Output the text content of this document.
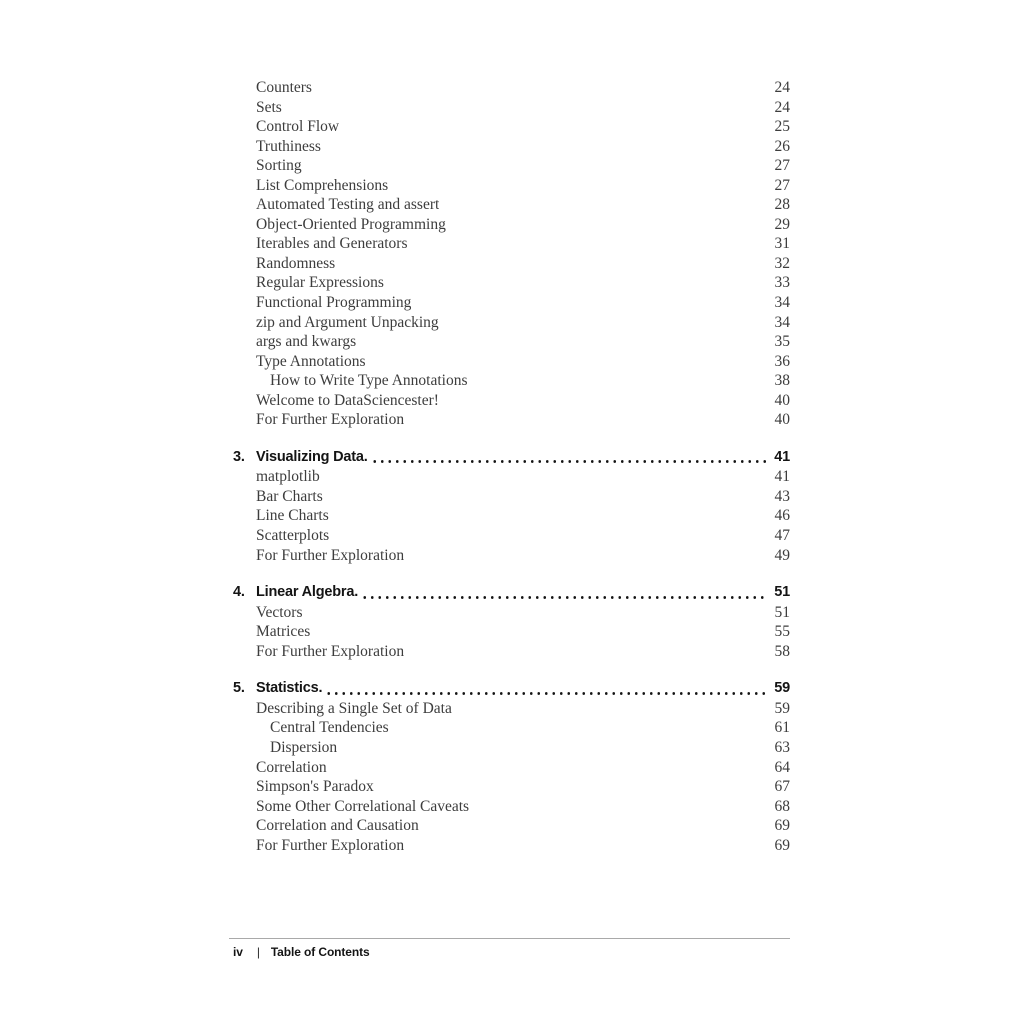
Counters	24
Sets	24
Control Flow	25
Truthiness	26
Sorting	27
List Comprehensions	27
Automated Testing and assert	28
Object-Oriented Programming	29
Iterables and Generators	31
Randomness	32
Regular Expressions	33
Functional Programming	34
zip and Argument Unpacking	34
args and kwargs	35
Type Annotations	36
How to Write Type Annotations	38
Welcome to DataSciencester!	40
For Further Exploration	40
3. Visualizing Data.	41
matplotlib	41
Bar Charts	43
Line Charts	46
Scatterplots	47
For Further Exploration	49
4. Linear Algebra.	51
Vectors	51
Matrices	55
For Further Exploration	58
5. Statistics.	59
Describing a Single Set of Data	59
Central Tendencies	61
Dispersion	63
Correlation	64
Simpson's Paradox	67
Some Other Correlational Caveats	68
Correlation and Causation	69
For Further Exploration	69
iv | Table of Contents
